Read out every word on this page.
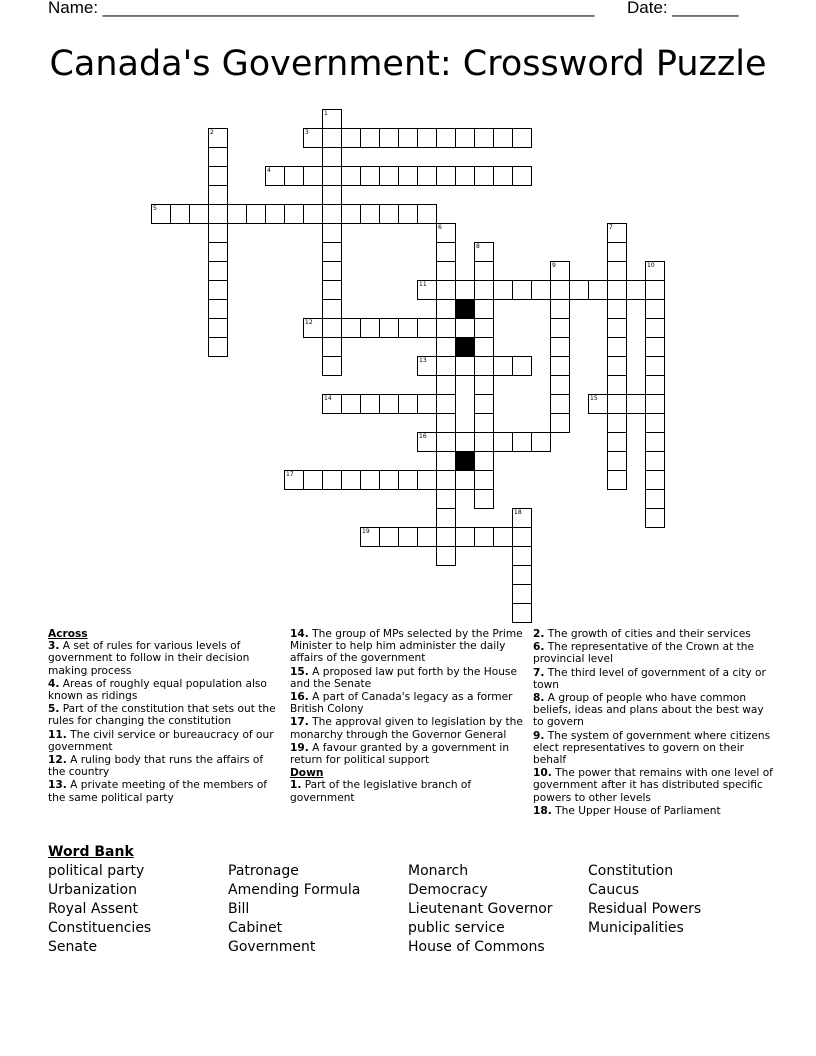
Name: ____________________________________________________ Date: _______
Canada's Government: Crossword Puzzle
1
2	3
4
5
6	7
8
9	10
11
12
13
14	15
16
17
18
19
Across
3. A set of rules for various levels of government to follow in their decision making process
4. Areas of roughly equal population also known as ridings
5. Part of the constitution that sets out the rules for changing the constitution
11. The civil service or bureaucracy of our government
12. A ruling body that runs the affairs of the country
13. A private meeting of the members of the same political party
14. The group of MPs selected by the Prime Minister to help him administer the daily affairs of the government
15. A proposed law put forth by the House and the Senate
16. A part of Canada's legacy as a former British Colony
17. The approval given to legislation by the monarchy through the Governor General
19. A favour granted by a government in return for political support
Down
1. Part of the legislative branch of government
2. The growth of cities and their services
6. The representative of the Crown at the provincial level
7. The third level of government of a city or town
8. A group of people who have common beliefs, ideas and plans about the best way to govern
9. The system of government where citizens elect representatives to govern on their behalf
10. The power that remains with one level of government after it has distributed specific powers to other levels
18. The Upper House of Parliament
Word Bank
political party
Urbanization
Royal Assent
Constituencies
Senate
Patronage
Amending Formula
Bill
Cabinet
Government
Monarch
Democracy
Lieutenant Governor
public service
House of Commons
Constitution
Caucus
Residual Powers
Municipalities
